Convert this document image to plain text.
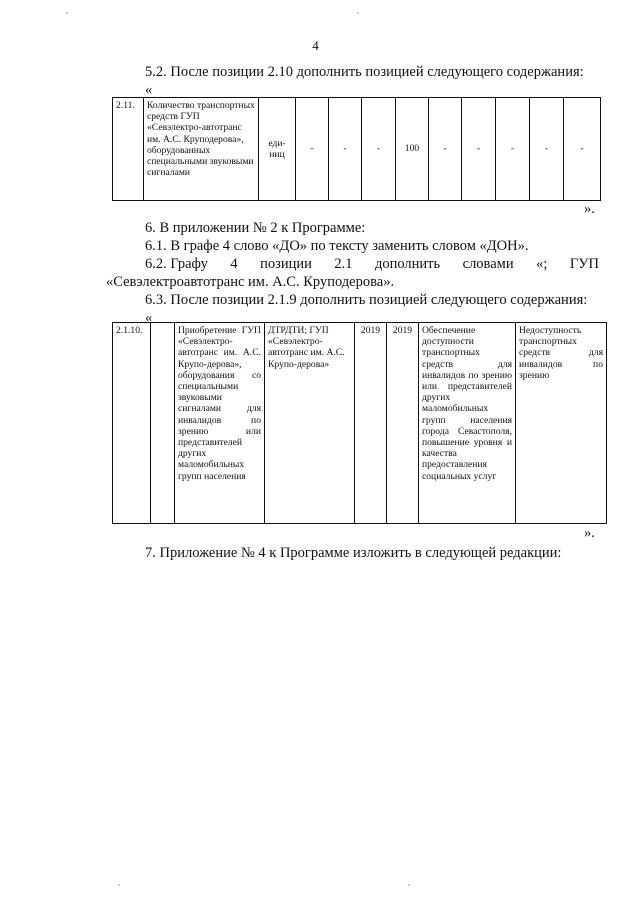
4
5.2. После позиции 2.10 дополнить позицией следующего содержания:
«
2.11.	Количество транспортных средств ГУП «Севэлектро-автотранс им. А.С. Круподерова», оборудованных специальными звуковыми сигналами	еди-ниц	-	-	-	100	-	-	-	-	-
».
6. В приложении № 2 к Программе:
6.1. В графе 4 слово «ДО» по тексту заменить словом «ДОН».
6.2. Графу 4 позиции 2.1 дополнить словами «; ГУП
«Севэлектроавтотранс им. А.С. Круподерова».
6.3. После позиции 2.1.9 дополнить позицией следующего содержания:
«
2.1.10.		Приобретение ГУП «Севэлектро-автотранс им. А.С. Крупо-дерова», оборудования со специальными звуковыми сигналами для инвалидов по зрению или представителей других маломобильных групп населения	ДТРДТИ; ГУП «Севэлектро-автотранс им. А.С. Крупо-дерова»	2019	2019	Обеспечение доступности транспортных средств для инвалидов по зрению или представителей других маломобильных групп населения города Севастополя, повышение уровня и качества предоставления социальных услуг	Недоступность транспортных средств для инвалидов по зрению
».
7. Приложение № 4 к Программе изложить в следующей редакции:
